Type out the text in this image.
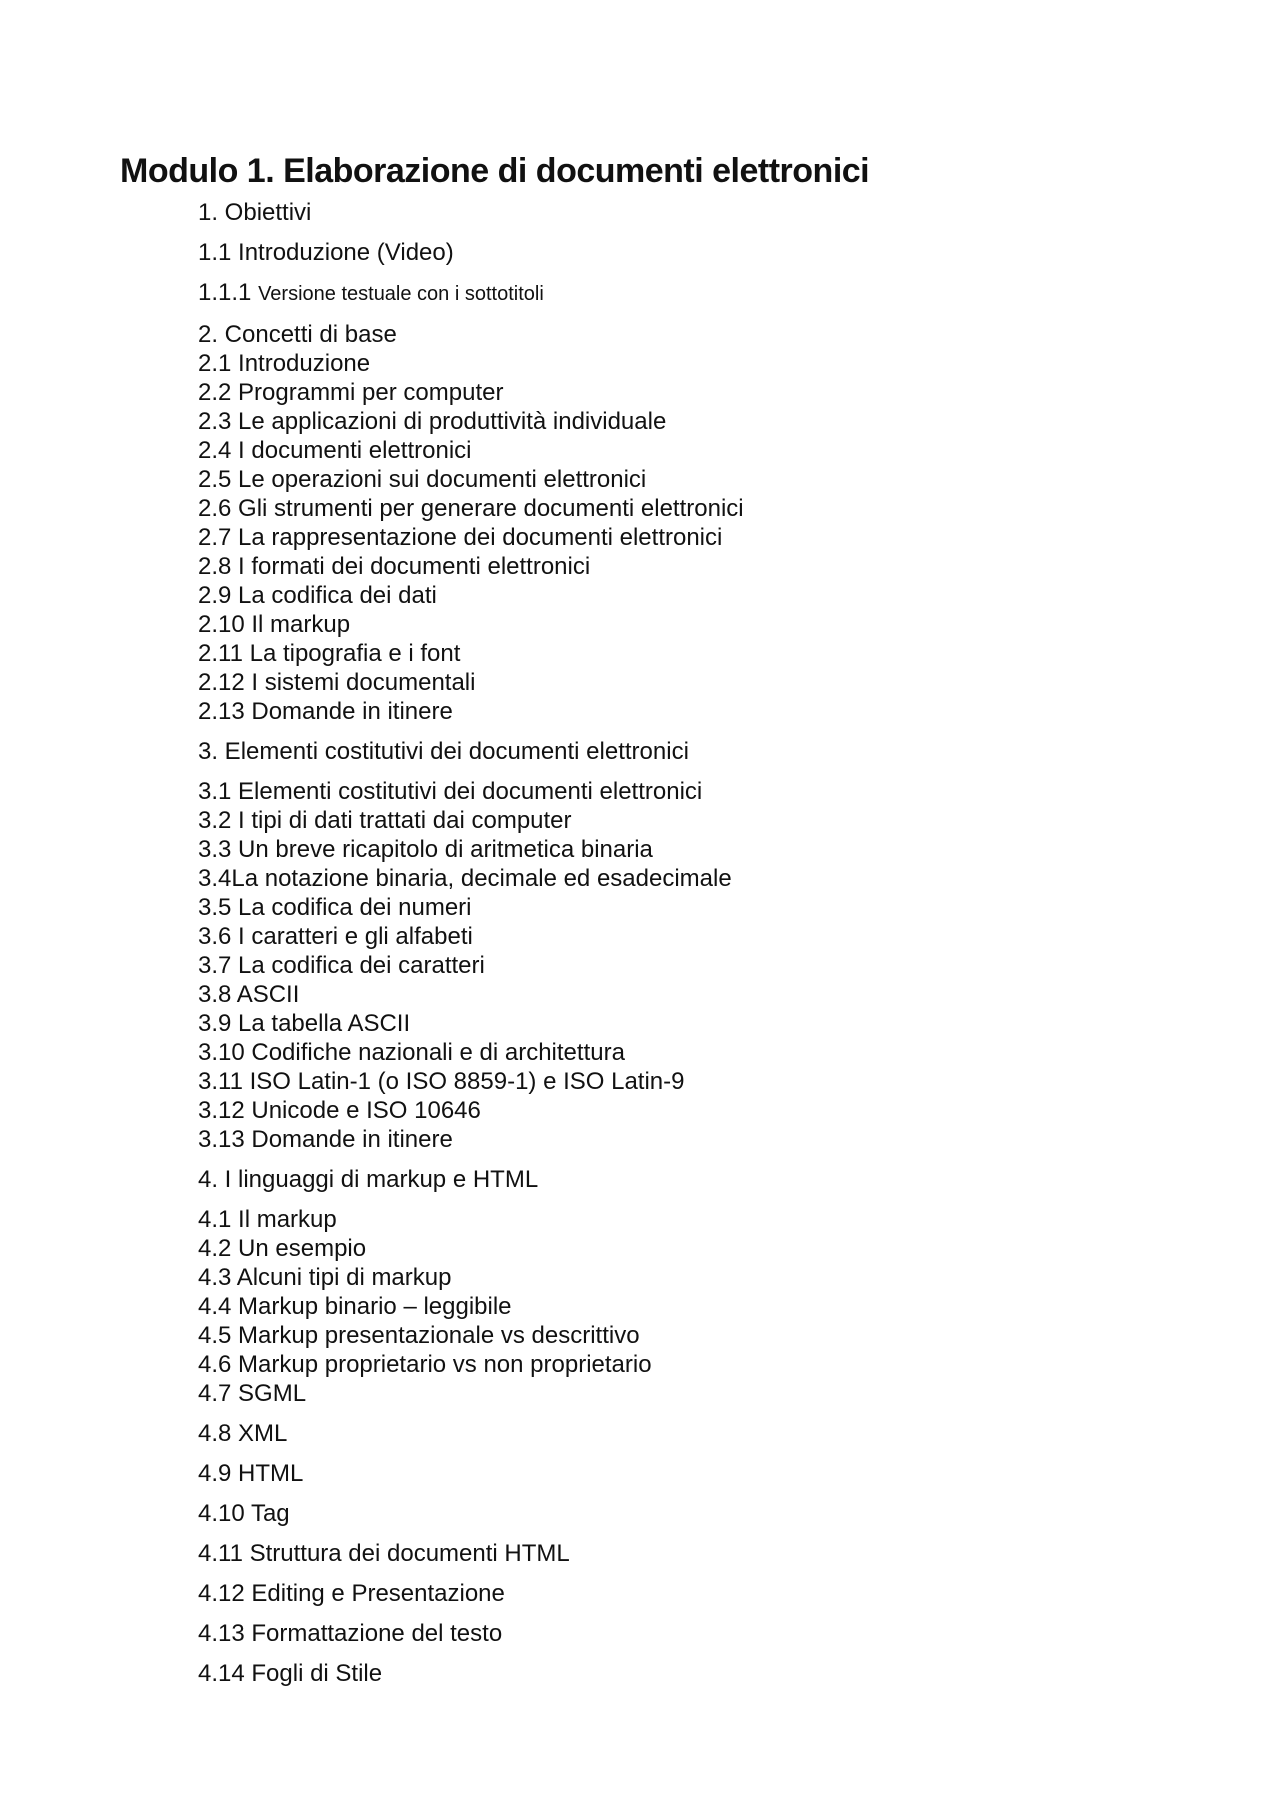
Modulo 1. Elaborazione di documenti elettronici
1. Obiettivi
1.1 Introduzione (Video)
1.1.1 Versione testuale con i sottotitoli
2. Concetti di base
2.1 Introduzione
2.2 Programmi per computer
2.3 Le applicazioni di produttività individuale
2.4 I documenti elettronici
2.5 Le operazioni sui documenti elettronici
2.6 Gli strumenti per generare documenti elettronici
2.7 La rappresentazione dei documenti elettronici
2.8 I formati dei documenti elettronici
2.9 La codifica dei dati
2.10 Il markup
2.11 La tipografia e i font
2.12 I sistemi documentali
2.13 Domande in itinere
3. Elementi costitutivi dei documenti elettronici
3.1 Elementi costitutivi dei documenti elettronici
3.2 I tipi di dati trattati dai computer
3.3 Un breve ricapitolo di aritmetica binaria
3.4La notazione binaria, decimale ed esadecimale
3.5 La codifica dei numeri
3.6 I caratteri e gli alfabeti
3.7 La codifica dei caratteri
3.8 ASCII
3.9 La tabella ASCII
3.10 Codifiche nazionali e di architettura
3.11 ISO Latin-1 (o ISO 8859-1) e ISO Latin-9
3.12 Unicode e ISO 10646
3.13 Domande in itinere
4. I linguaggi di markup e HTML
4.1 Il markup
4.2 Un esempio
4.3 Alcuni tipi di markup
4.4 Markup binario – leggibile
4.5 Markup presentazionale vs descrittivo
4.6 Markup proprietario vs non proprietario
4.7 SGML
4.8 XML
4.9 HTML
4.10 Tag
4.11 Struttura dei documenti HTML
4.12 Editing e Presentazione
4.13 Formattazione del testo
4.14 Fogli di Stile
